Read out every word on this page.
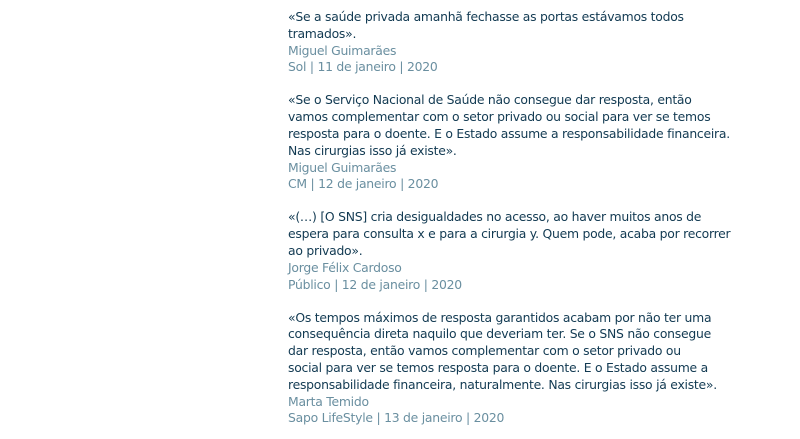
«Se a saúde privada amanhã fechasse as portas estávamos todos
tramados».
Miguel Guimarães
Sol | 11 de janeiro | 2020
«Se o Serviço Nacional de Saúde não consegue dar resposta, então
vamos complementar com o setor privado ou social para ver se temos
resposta para o doente. E o Estado assume a responsabilidade financeira.
Nas cirurgias isso já existe».
Miguel Guimarães
CM | 12 de janeiro | 2020
«(…) [O SNS] cria desigualdades no acesso, ao haver muitos anos de
espera para consulta x e para a cirurgia y. Quem pode, acaba por recorrer
ao privado».
Jorge Félix Cardoso
Público | 12 de janeiro | 2020
«Os tempos máximos de resposta garantidos acabam por não ter uma
consequência direta naquilo que deveriam ter. Se o SNS não consegue
dar resposta, então vamos complementar com o setor privado ou
social para ver se temos resposta para o doente. E o Estado assume a
responsabilidade financeira, naturalmente. Nas cirurgias isso já existe».
Marta Temido
Sapo LifeStyle | 13 de janeiro | 2020
